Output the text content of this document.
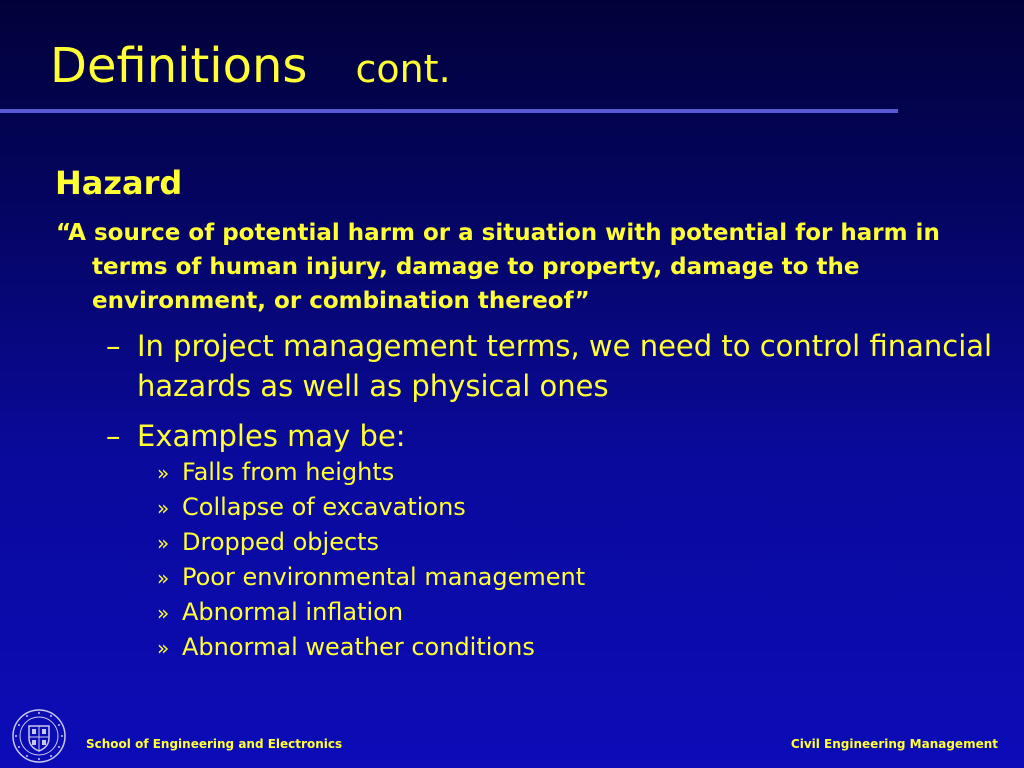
Definitions cont.
Hazard
“A source of potential harm or a situation with potential for harm in terms of human injury, damage to property, damage to the environment, or combination thereof”
– In project management terms, we need to control financial hazards as well as physical ones
– Examples may be:
» Falls from heights
» Collapse of excavations
» Dropped objects
» Poor environmental management
» Abnormal inflation
» Abnormal weather conditions
School of Engineering and Electronics	Civil Engineering Management
